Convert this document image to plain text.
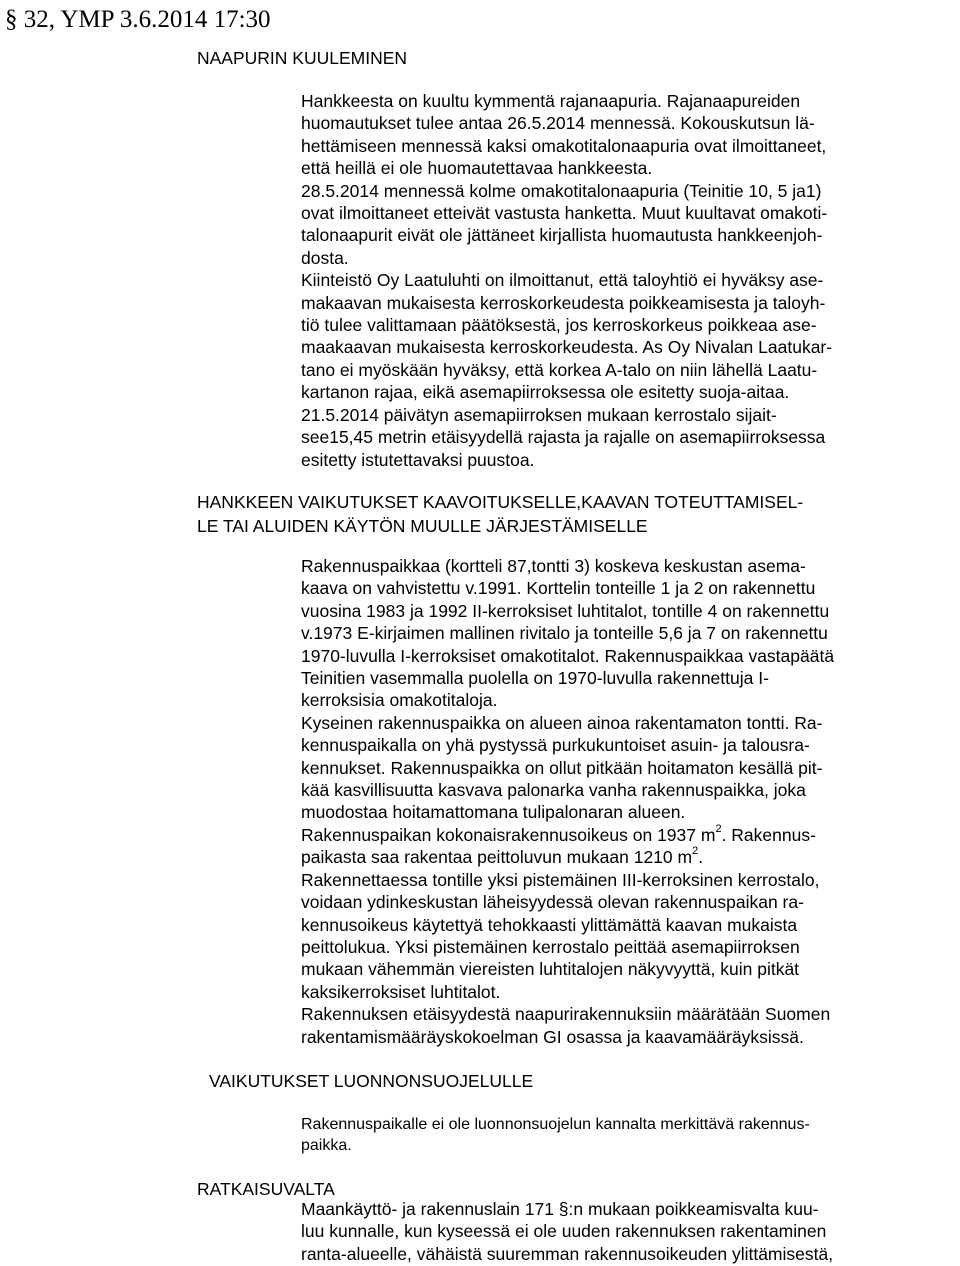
§ 32, YMP 3.6.2014 17:30
NAAPURIN KUULEMINEN
Hankkeesta on kuultu kymmentä rajanaapuria. Rajanaapureiden
huomautukset tulee antaa 26.5.2014 mennessä. Kokouskutsun lä-
hettämiseen mennessä kaksi omakotitalonaapuria ovat ilmoittaneet,
että heillä ei ole huomautettavaa hankkeesta.
28.5.2014 mennessä kolme omakotitalonaapuria (Teinitie 10, 5 ja1)
ovat ilmoittaneet etteivät vastusta hanketta. Muut kuultavat omakoti-
talonaapurit eivät ole jättäneet kirjallista huomautusta hankkeenjoh-
dosta.
Kiinteistö Oy Laatuluhti on ilmoittanut, että taloyhtiö ei hyväksy ase-
makaavan mukaisesta kerroskorkeudesta poikkeamisesta ja taloyh-
tiö tulee valittamaan päätöksestä, jos kerroskorkeus poikkeaa ase-
maakaavan mukaisesta kerroskorkeudesta. As Oy Nivalan Laatukar-
tano ei myöskään hyväksy, että korkea A-talo on niin lähellä Laatu-
kartanon rajaa, eikä asemapiirroksessa ole esitetty suoja-aitaa.
21.5.2014 päivätyn asemapiirroksen mukaan kerrostalo sijait-
see15,45 metrin etäisyydellä rajasta ja rajalle on asemapiirroksessa
esitetty istutettavaksi puustoa.
HANKKEEN VAIKUTUKSET KAAVOITUKSELLE,KAAVAN TOTEUTTAMISEL-
LE TAI ALUIDEN KÄYTÖN MUULLE JÄRJESTÄMISELLE
Rakennuspaikkaa (kortteli 87,tontti 3) koskeva keskustan asema-
kaava on vahvistettu v.1991. Korttelin tonteille 1 ja 2 on rakennettu
vuosina 1983 ja 1992 II-kerroksiset luhtitalot, tontille 4 on rakennettu
v.1973 E-kirjaimen mallinen rivitalo ja tonteille 5,6 ja 7 on rakennettu
1970-luvulla I-kerroksiset omakotitalot. Rakennuspaikkaa vastapäätä
Teinitien vasemmalla puolella on 1970-luvulla rakennettuja I-
kerroksisia omakotitaloja.
Kyseinen rakennuspaikka on alueen ainoa rakentamaton tontti. Ra-
kennuspaikalla on yhä pystyssä purkukuntoiset asuin- ja talousra-
kennukset. Rakennuspaikka on ollut pitkään hoitamaton kesällä pit-
kää kasvillisuutta kasvava palonarka vanha rakennuspaikka, joka
muodostaa hoitamattomana tulipalonaran alueen.
Rakennuspaikan kokonaisrakennusoikeus on 1937 $m^2$. Rakennus-
paikasta saa rakentaa peittoluvun mukaan 1210 $m^2$.
Rakennettaessa tontille yksi pistemäinen III-kerroksinen kerrostalo,
voidaan ydinkeskustan läheisyydessä olevan rakennuspaikan ra-
kennusoikeus käytettyä tehokkaasti ylittämättä kaavan mukaista
peittolukua. Yksi pistemäinen kerrostalo peittää asemapiirroksen
mukaan vähemmän viereisten luhtitalojen näkyvyyttä, kuin pitkät
kaksikerroksiset luhtitalot.
Rakennuksen etäisyydestä naapurirakennuksiin määrätään Suomen
rakentamismääräyskokoelman GI osassa ja kaavamääräyksissä.
VAIKUTUKSET LUONNONSUOJELULLE
Rakennuspaikalle ei ole luonnonsuojelun kannalta merkittävä rakennus-
paikka.
RATKAISUVALTA
Maankäyttö- ja rakennuslain 171 §:n mukaan poikkeamisvalta kuu-
luu kunnalle, kun kyseessä ei ole uuden rakennuksen rakentaminen
ranta-alueelle, vähäistä suuremman rakennusoikeuden ylittämisestä,
